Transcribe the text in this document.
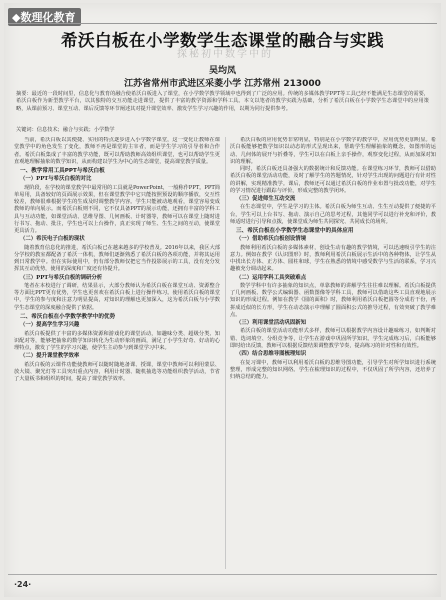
◆数理化教育
希沃白板在小学数学生态课堂的融合与实践
探秘初中数学中的
吴均凤
江苏省常州市武进区采菱小学 江苏常州 213000
摘要：最近的一段时间里，信息化与教育的融合使希沃白板进入了课堂，在小学数学教学领域中也得到了广泛的应用。传统的多媒体教学PPT等工具已经不能满足生态课堂的需要，希沃白板作为新型教学平台，以其独特的交互功能走进课堂，提供了丰富的教学资源和学科工具。本文以笔者的教学实践为基础，分析了希沃白板在小学数学生态课堂中的应用策略，从课前预习、课堂互动、课后反馈等环节阐述其对提升课堂效率、激发学生学习兴趣的作用，以期为同行提供参考。
关键词：信息技术；融合与实践；小学数学

当前，希沃白板以其便捷、实用的特点逐步进入小学数学课堂，这一变化让教师在课堂教学中的角色发生了变化，教师不再是课堂的主宰者，而是学生学习的引导者和合作者。希沃白板集成了丰富的教学功能，既可以帮助教师高效组织课堂，也可以帮助学生更直观地理解抽象的数学知识，从而构建以学生为中心的生态课堂，提高课堂教学质量。

一、教学常用工具PPT与希沃白板
（一）PPT与希沃白板的对比

现阶段，在学校的课堂教学中最常用的工具就是PowerPoint，一般称作PPT。PPT简单易用，具备较好的页面展示效果，但在课堂教学中它只能按照预设的顺序播放，交互性较差，教师很难根据学生的生成及时调整教学内容。学生只能被动地观看，课堂容易变成教师的单向展示。而希沃白板则不同，它不仅具备PPT的展示功能，还拥有丰富的学科工具与互动功能，如课堂活动、思维导图、几何画板、计时器等，教师可以在课堂上随时进行书写、拖动、批注，学生也可以上台操作，真正实现了师生、生生之间的互动，使课堂更具活力。

（二）希沃电子白板的现状

随着教育信息化的推进，希沃白板已在越来越多的学校普及。2016年以来，我区大部分学校的教室都配备了希沃一体机，教师们逐渐熟悉了希沃白板的各项功能，并将其运用到日常教学中。但在实际使用中，仍有部分教师仅把它当作投影展示的工具，没有充分发挥其互动优势，使用的深度和广度还有待提升。

（三）PPT与希沃白板的调研分析

笔者在本校进行了调研，结果显示，大部分教师认为希沃白板在课堂互动、资源整合等方面比PPT更有优势，学生也更喜欢在希沃白板上进行操作练习。使用希沃白板的课堂中，学生的参与度和注意力明显提高，对知识的理解也更加深入，这为希沃白板与小学数学生态课堂的深度融合提供了依据。

二、希沃白板在小学数学教学中的优势
（一）提高学生学习兴趣

希沃白板提供了丰富的多媒体资源和游戏化的课堂活动，如趣味分类、超级分类、知识配对等，能够把抽象的数学知识转化为生动形象的画面，满足了小学生好奇、好动的心理特点，激发了学生的学习兴趣，使学生主动参与到课堂学习中来。

（二）提升课堂教学效率

希沃白板的云课件功能使教师可以随时随地备课、授课，课堂中教师可以利用蒙层、放大镜、聚光灯等工具突出重点内容，利用计时器、随机抽选等功能组织教学活动，节省了大量板书和组织的时间，提高了课堂教学效率。

希沃白板的应用优势非常明显，特别是在小学数学的教学中，应用优势更加明显。希沃白板能够把数学知识以动态的形式呈现出来，帮助学生理解抽象的概念，如图形的运动、几何体的展开与折叠等，学生可以在白板上亲手操作，观察变化过程，从而加深对知识的理解。

同时，希沃白板还具备强大的数据统计和反馈功能。在课堂练习环节，教师可以借助希沃白板的课堂活动功能，及时了解学生的答题情况，针对学生出现的问题进行有针对性的讲解，实现精准教学。课后，教师还可以通过希沃白板的作业布置与批改功能，对学生的学习情况进行跟踪与评价，形成完整的教学闭环。

（三）促进师生互动交流

在生态课堂中，学生是学习的主体。希沃白板为师生互动、生生互动提供了便捷的平台，学生可以上台书写、拖动、演示自己的思考过程，其他同学可以进行补充和评价，教师适时进行引导和点拨，使课堂成为师生共同探究、共同成长的场所。

三、希沃白板在小学数学生态课堂中的具体应用
（一）借助希沃白板创设情境

教师利用希沃白板的多媒体素材，创设生动有趣的教学情境，可以迅速吸引学生的注意力。例如在教学《认识图形》时，教师利用希沃白板展示生活中的各种物体，让学生从中找出长方体、正方体、圆柱和球，学生在熟悉的情境中感受数学与生活的联系，学习兴趣被充分调动起来。

（二）运用学科工具突破难点

数学学科中有许多抽象的知识点，单靠教师的讲解学生往往难以理解。希沃白板提供了几何画板、数学公式编辑器、函数图像等学科工具，教师可以借助这些工具直观地展示知识的形成过程。例如在教学《圆的面积》时，教师利用希沃白板把圆等分成若干份，再拼成近似的长方形，学生在动态演示中理解了圆面积公式的推导过程，有效突破了教学难点。

（三）利用课堂活动巩固新知

希沃白板的课堂活动功能形式多样，教师可以根据教学内容设计趣味练习，如判断对错、选词填空、分组竞争等，让学生在游戏中巩固所学知识。学生完成练习后，白板能够即时给出反馈，教师可以根据反馈结果调整教学节奏，提高练习的针对性和有效性。

（四）结合思维导图梳理知识

在复习课中，教师可以利用希沃白板的思维导图功能，引导学生对所学知识进行系统整理，形成完整的知识网络。学生在梳理知识的过程中，不仅巩固了所学内容，还培养了归纳总结的能力。

·24·
